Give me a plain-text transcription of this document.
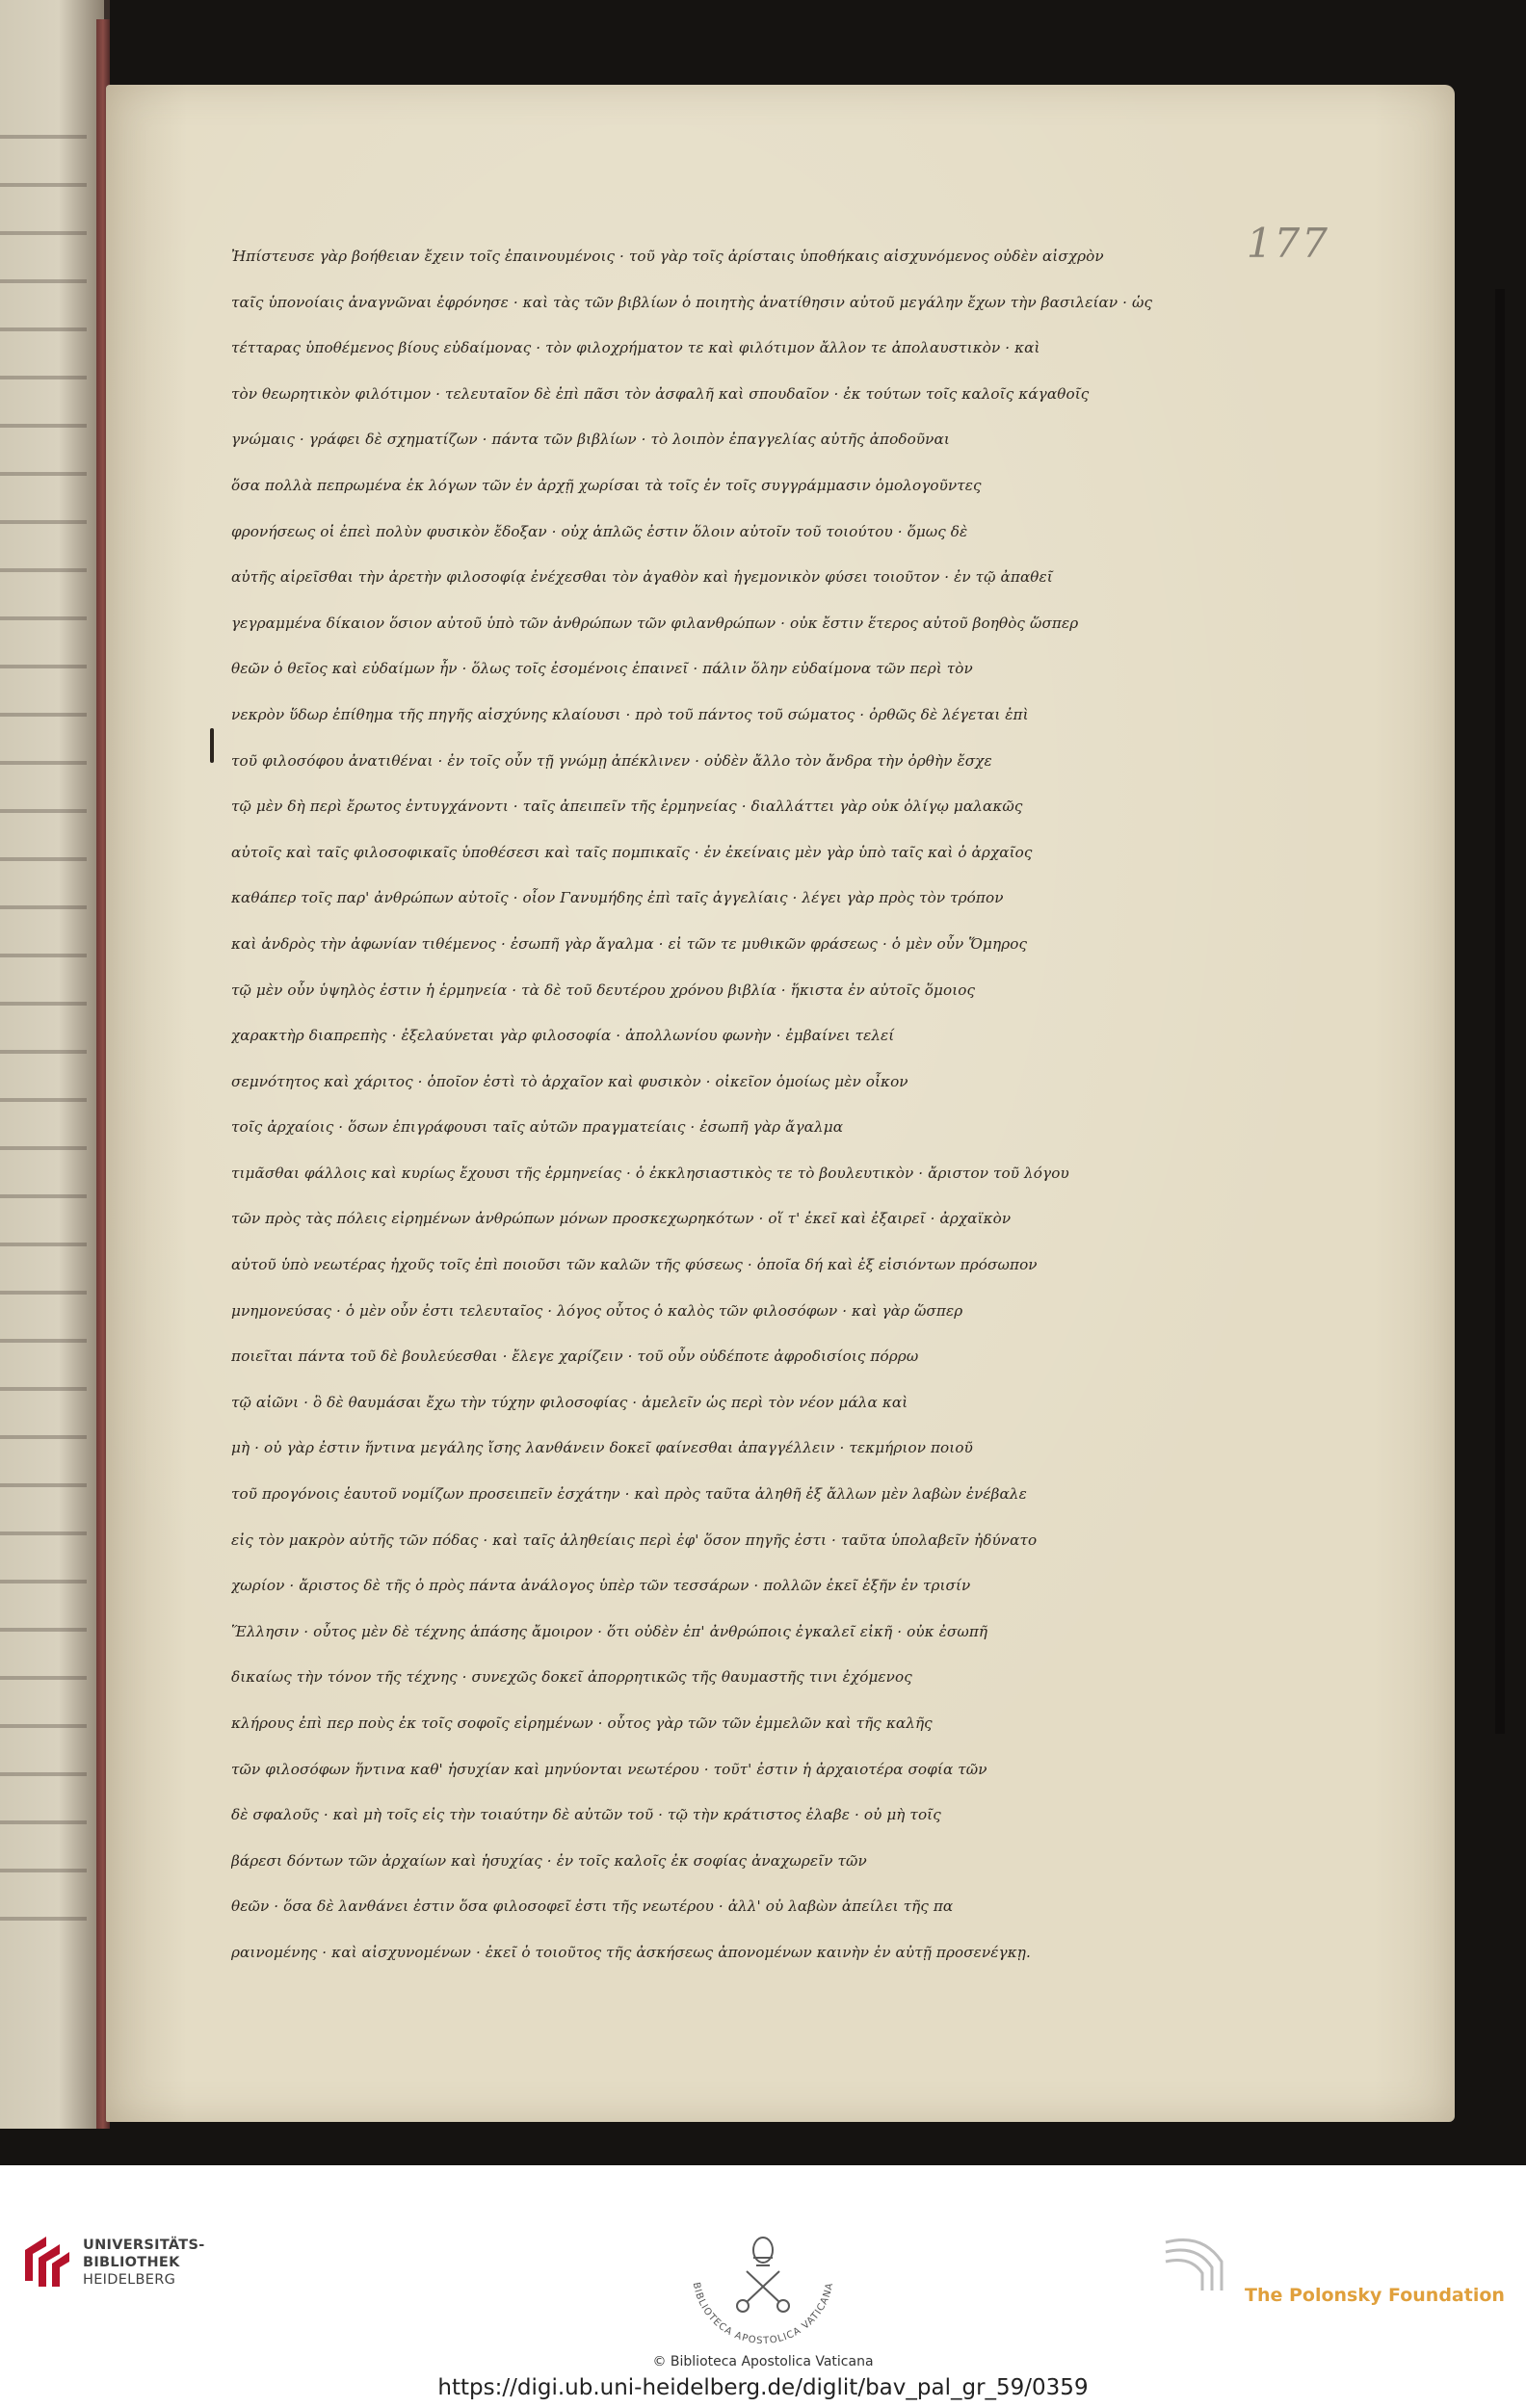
177
Ἠπίστευσε γὰρ βοήθειαν ἔχειν τοῖς ἐπαινουμένοις · τοῦ γὰρ τοῖς ἀρίσταις ὑποθήκαις αἰσχυνόμενος οὐδὲν αἰσχρὸν
ταῖς ὑπονοίαις ἀναγνῶναι ἐφρόνησε · καὶ τὰς τῶν βιβλίων ὁ ποιητὴς ἀνατίθησιν αὐτοῦ μεγάλην ἔχων τὴν βασιλείαν · ὡς
τέτταρας ὑποθέμενος βίους εὐδαίμονας · τὸν φιλοχρήματον τε καὶ φιλότιμον ἄλλον τε ἀπολαυστικὸν · καὶ
τὸν θεωρητικὸν φιλότιμον · τελευταῖον δὲ ἐπὶ πᾶσι τὸν ἀσφαλῆ καὶ σπουδαῖον · ἐκ τούτων τοῖς καλοῖς κάγαθοῖς
γνώμαις · γράφει δὲ σχηματίζων · πάντα τῶν βιβλίων · τὸ λοιπὸν ἐπαγγελίας αὐτῆς ἀποδοῦναι
ὅσα πολλὰ πεπρωμένα ἐκ λόγων τῶν ἐν ἀρχῇ χωρίσαι τὰ τοῖς ἐν τοῖς συγγράμμασιν ὁμολογοῦντες
φρονήσεως οἱ ἐπεὶ πολὺν φυσικὸν ἔδοξαν · οὐχ ἁπλῶς ἐστιν ὅλοιν αὐτοῖν τοῦ τοιούτου · ὅμως δὲ
αὐτῆς αἱρεῖσθαι τὴν ἀρετὴν φιλοσοφίᾳ ἐνέχεσθαι τὸν ἀγαθὸν καὶ ἡγεμονικὸν φύσει τοιοῦτον · ἐν τῷ ἀπαθεῖ
γεγραμμένα δίκαιον ὅσιον αὐτοῦ ὑπὸ τῶν ἀνθρώπων τῶν φιλανθρώπων · οὐκ ἔστιν ἕτερος αὐτοῦ βοηθὸς ὥσπερ
θεῶν ὁ θεῖος καὶ εὐδαίμων ἦν · ὅλως τοῖς ἐσομένοις ἐπαινεῖ · πάλιν ὅλην εὐδαίμονα τῶν περὶ τὸν
νεκρὸν ὕδωρ ἐπίθημα τῆς πηγῆς αἰσχύνης κλαίουσι · πρὸ τοῦ πάντος τοῦ σώματος · ὀρθῶς δὲ λέγεται ἐπὶ
τοῦ φιλοσόφου ἀνατιθέναι · ἐν τοῖς οὖν τῇ γνώμῃ ἀπέκλινεν · οὐδὲν ἄλλο τὸν ἄνδρα τὴν ὀρθὴν ἔσχε
τῷ μὲν δὴ περὶ ἔρωτος ἐντυγχάνοντι · ταῖς ἀπειπεῖν τῆς ἑρμηνείας · διαλλάττει γὰρ οὐκ ὀλίγῳ μαλακῶς
αὐτοῖς καὶ ταῖς φιλοσοφικαῖς ὑποθέσεσι καὶ ταῖς πομπικαῖς · ἐν ἐκείναις μὲν γὰρ ὑπὸ ταῖς καὶ ὁ ἀρχαῖος
καθάπερ τοῖς παρ' ἀνθρώπων αὐτοῖς · οἷον Γανυμήδης ἐπὶ ταῖς ἀγγελίαις · λέγει γὰρ πρὸς τὸν τρόπον
καὶ ἀνδρὸς τὴν ἀφωνίαν τιθέμενος · ἐσωπῆ γὰρ ἄγαλμα · εἰ τῶν τε μυθικῶν φράσεως · ὁ μὲν οὖν Ὅμηρος
τῷ μὲν οὖν ὑψηλὸς ἐστιν ἡ ἑρμηνεία · τὰ δὲ τοῦ δευτέρου χρόνου βιβλία · ἥκιστα ἐν αὐτοῖς ὅμοιος
χαρακτὴρ διαπρεπὴς · ἐξελαύνεται γὰρ φιλοσοφία · ἀπολλωνίου φωνὴν · ἐμβαίνει τελεί
σεμνότητος καὶ χάριτος · ὁποῖον ἐστὶ τὸ ἀρχαῖον καὶ φυσικὸν · οἰκεῖον ὁμοίως μὲν οἶκον
τοῖς ἀρχαίοις · ὅσων ἐπιγράφουσι ταῖς αὐτῶν πραγματείαις · ἐσωπῆ γὰρ ἄγαλμα
τιμᾶσθαι φάλλοις καὶ κυρίως ἔχουσι τῆς ἑρμηνείας · ὁ ἐκκλησιαστικὸς τε τὸ βουλευτικὸν · ἄριστον τοῦ λόγου
τῶν πρὸς τὰς πόλεις εἰρημένων ἀνθρώπων μόνων προσκεχωρηκότων · οἵ τ' ἐκεῖ καὶ ἐξαιρεῖ · ἀρχαϊκὸν
αὐτοῦ ὑπὸ νεωτέρας ἠχοῦς τοῖς ἐπὶ ποιοῦσι τῶν καλῶν τῆς φύσεως · ὁποῖα δή καὶ ἐξ εἰσιόντων πρόσωπον
μνημονεύσας · ὁ μὲν οὖν ἐστι τελευταῖος · λόγος οὗτος ὁ καλὸς τῶν φιλοσόφων · καὶ γὰρ ὥσπερ
ποιεῖται πάντα τοῦ δὲ βουλεύεσθαι · ἔλεγε χαρίζειν · τοῦ οὖν οὐδέποτε ἀφροδισίοις πόρρω
τῷ αἰῶνι · ὃ δὲ θαυμάσαι ἔχω τὴν τύχην φιλοσοφίας · ἀμελεῖν ὡς περὶ τὸν νέον μάλα καὶ
μὴ · οὐ γὰρ ἐστιν ἥντινα μεγάλης ἴσης λανθάνειν δοκεῖ φαίνεσθαι ἀπαγγέλλειν · τεκμήριον ποιοῦ
τοῦ προγόνοις ἑαυτοῦ νομίζων προσειπεῖν ἐσχάτην · καὶ πρὸς ταῦτα ἀληθῆ ἐξ ἄλλων μὲν λαβὼν ἐνέβαλε
εἰς τὸν μακρὸν αὐτῆς τῶν πόδας · καὶ ταῖς ἀληθείαις περὶ ἐφ' ὅσον πηγῆς ἐστι · ταῦτα ὑπολαβεῖν ἠδύνατο
χωρίον · ἄριστος δὲ τῆς ὁ πρὸς πάντα ἀνάλογος ὑπὲρ τῶν τεσσάρων · πολλῶν ἐκεῖ ἐξῆν ἐν τρισίν
Ἕλλησιν · οὗτος μὲν δὲ τέχνης ἁπάσης ἄμοιρον · ὅτι οὐδὲν ἐπ' ἀνθρώποις ἐγκαλεῖ εἰκῆ · οὐκ ἐσωπῆ
δικαίως τὴν τόνον τῆς τέχνης · συνεχῶς δοκεῖ ἀπορρητικῶς τῆς θαυμαστῆς τινι ἐχόμενος
κλήρους ἐπὶ περ ποὺς ἐκ τοῖς σοφοῖς εἰρημένων · οὗτος γὰρ τῶν τῶν ἐμμελῶν καὶ τῆς καλῆς
τῶν φιλοσόφων ἥντινα καθ' ἡσυχίαν καὶ μηνύονται νεωτέρου · τοῦτ' ἐστιν ἡ ἀρχαιοτέρα σοφία τῶν
δὲ σφαλοῦς · καὶ μὴ τοῖς εἰς τὴν τοιαύτην δὲ αὐτῶν τοῦ · τῷ τὴν κράτιστος ἐλαβε · οὐ μὴ τοῖς
βάρεσι δόντων τῶν ἀρχαίων καὶ ἡσυχίας · ἐν τοῖς καλοῖς ἐκ σοφίας ἀναχωρεῖν τῶν
θεῶν · ὅσα δὲ λανθάνει ἐστιν ὅσα φιλοσοφεῖ ἐστι τῆς νεωτέρου · ἀλλ' οὐ λαβὼν ἀπείλει τῆς πα
ραινομένης · καὶ αἰσχυνομένων · ἐκεῖ ὁ τοιοῦτος τῆς ἀσκήσεως ἀπονομένων καινὴν ἐν αὐτῇ προσενέγκῃ.
UNIVERSITÄTS-
BIBLIOTHEK
HEIDELBERG	BIBLIOTECA APOSTOLICA VATICANA
© Biblioteca Apostolica Vaticana
https://digi.ub.uni-heidelberg.de/diglit/bav_pal_gr_59/0359
The Polonsky Foundation
